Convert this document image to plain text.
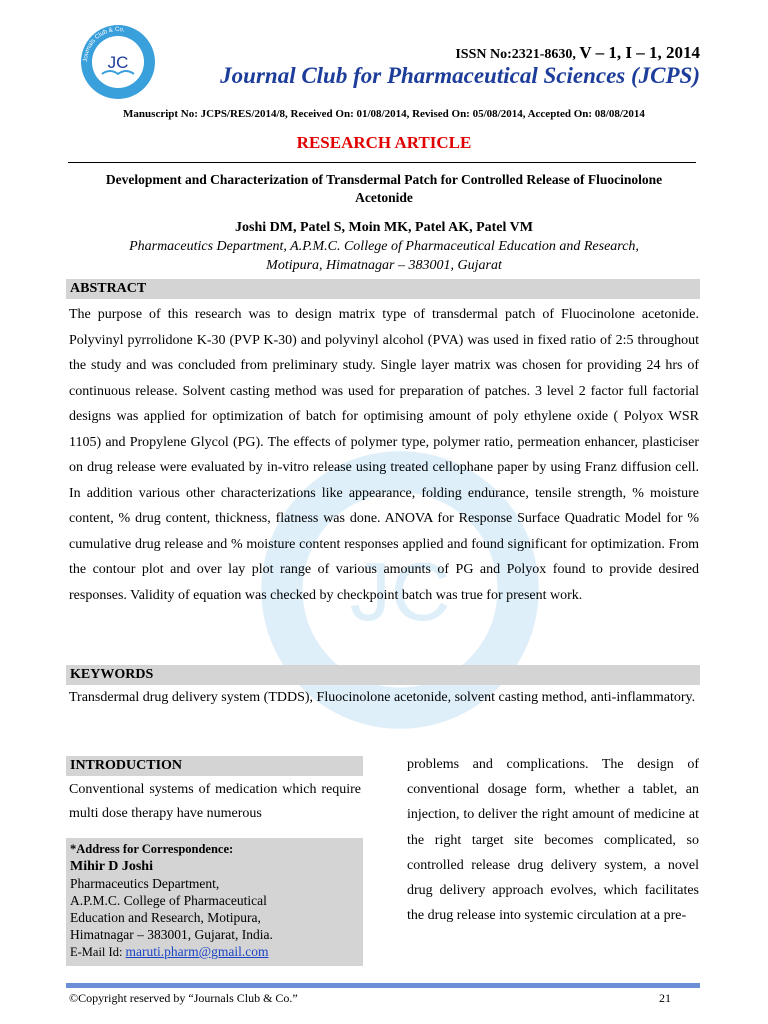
Journals Club & Co.
JC
JC
ISSN No:2321-8630, V – 1, I – 1, 2014
Journal Club for Pharmaceutical Sciences (JCPS)
Manuscript No: JCPS/RES/2014/8, Received On: 01/08/2014, Revised On: 05/08/2014, Accepted On: 08/08/2014
RESEARCH ARTICLE
Development and Characterization of Transdermal Patch for Controlled Release of Fluocinolone Acetonide
Joshi DM, Patel S, Moin MK, Patel AK, Patel VM
Pharmaceutics Department, A.P.M.C. College of Pharmaceutical Education and Research,
Motipura, Himatnagar – 383001, Gujarat
ABSTRACT
The purpose of this research was to design matrix type of transdermal patch of Fluocinolone acetonide. Polyvinyl pyrrolidone K-30 (PVP K-30) and polyvinyl alcohol (PVA) was used in fixed ratio of 2:5 throughout the study and was concluded from preliminary study. Single layer matrix was chosen for providing 24 hrs of continuous release. Solvent casting method was used for preparation of patches. 3 level 2 factor full factorial designs was applied for optimization of batch for optimising amount of poly ethylene oxide ( Polyox WSR 1105) and Propylene Glycol (PG). The effects of polymer type, polymer ratio, permeation enhancer, plasticiser on drug release were evaluated by in-vitro release using treated cellophane paper by using Franz diffusion cell. In addition various other characterizations like appearance, folding endurance, tensile strength, % moisture content, % drug content, thickness, flatness was done. ANOVA for Response Surface Quadratic Model for % cumulative drug release and % moisture content responses applied and found significant for optimization. From the contour plot and over lay plot range of various amounts of PG and Polyox found to provide desired responses. Validity of equation was checked by checkpoint batch was true for present work.
KEYWORDS
Transdermal drug delivery system (TDDS), Fluocinolone acetonide, solvent casting method, anti-inflammatory.
INTRODUCTION
Conventional systems of medication which require multi dose therapy have numerous
problems and complications. The design of conventional dosage form, whether a tablet, an injection, to deliver the right amount of medicine at the right target site becomes complicated, so controlled release drug delivery system, a novel drug delivery approach evolves, which facilitates the drug release into systemic circulation at a pre-
*Address for Correspondence:
Mihir D Joshi
Pharmaceutics Department,
A.P.M.C. College of Pharmaceutical
Education and Research, Motipura,
Himatnagar – 383001, Gujarat, India.
E-Mail Id: maruti.pharm@gmail.com
©Copyright reserved by “Journals Club & Co.”	21
